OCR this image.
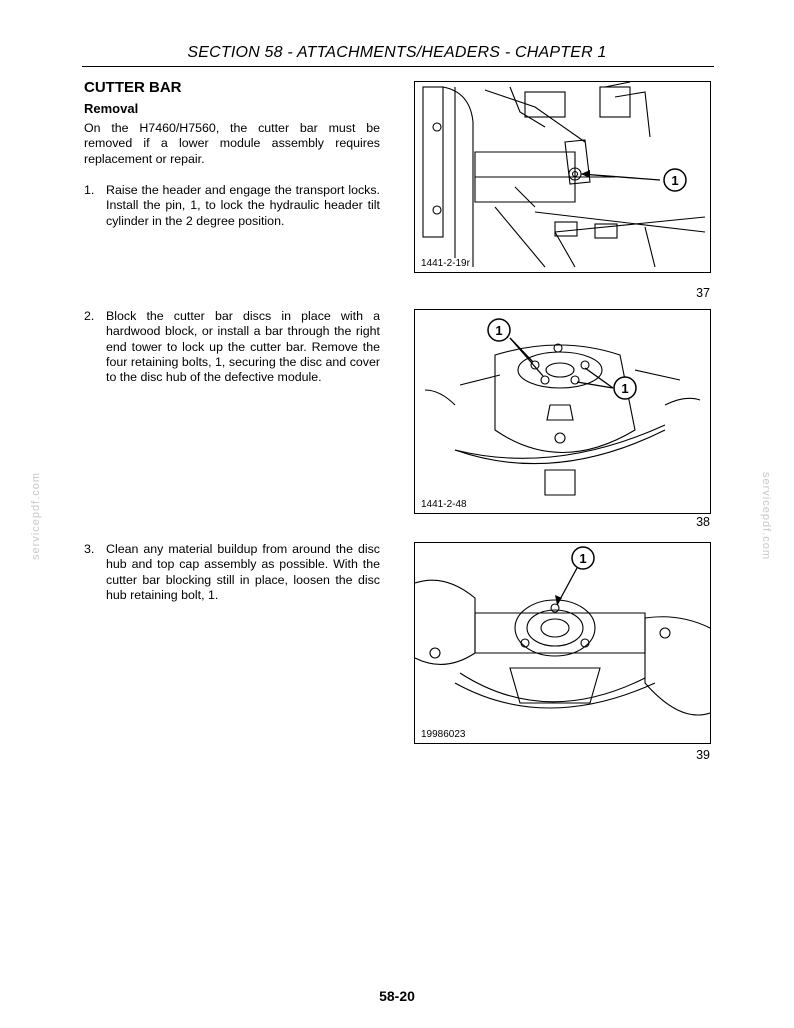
SECTION 58 - ATTACHMENTS/HEADERS - CHAPTER 1
CUTTER BAR
Removal
On the H7460/H7560, the cutter bar must be removed if a lower module assembly requires replacement or repair.
1. Raise the header and engage the transport locks. Install the pin, 1, to lock the hydraulic header tilt cylinder in the 2 degree position.
2. Block the cutter bar discs in place with a hardwood block, or install a bar through the right end tower to lock up the cutter bar. Remove the four retaining bolts, 1, securing the disc and cover to the disc hub of the defective module.
3. Clean any material buildup from around the disc hub and top cap assembly as possible. With the cutter bar blocking still in place, loosen the disc hub retaining bolt, 1.
1
1441-2-19r
37
1
1
1441-2-48
38
1
19986023
39
servicepdf.com	servicepdf.com
58-20
